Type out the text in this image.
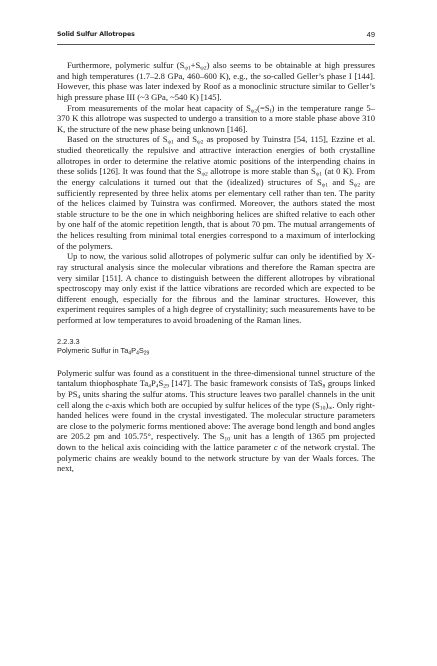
Solid Sulfur Allotropes	49

Furthermore, polymeric sulfur $(S_{\psi 1}+S_{\psi 2})$ also seems to be obtainable at high pressures and high temperatures (1.7–2.8 GPa, 460–600 K), e.g., the so-called Geller’s phase I [144]. However, this phase was later indexed by Roof as a monoclinic structure similar to Geller’s high pressure phase III (~3 GPa, ~540 K) [145].

From measurements of the molar heat capacity of $S_{\psi 2}(=S_f)$ in the temperature range 5–370 K this allotrope was suspected to undergo a transition to a more stable phase above 310 K, the structure of the new phase being unknown [146].

Based on the structures of $S_{\psi 1}$ and $S_{\psi 2}$ as proposed by Tuinstra [54, 115], Ezzine et al. studied theoretically the repulsive and attractive interaction energies of both crystalline allotropes in order to determine the relative atomic positions of the interpending chains in these solids [126]. It was found that the $S_{\psi 2}$ allotrope is more stable than $S_{\psi 1}$ (at 0 K). From the energy calculations it turned out that the (idealized) structures of $S_{\psi 1}$ and $S_{\psi 2}$ are sufficiently represented by three helix atoms per elementary cell rather than ten. The parity of the helices claimed by Tuinstra was confirmed. Moreover, the authors stated the most stable structure to be the one in which neighboring helices are shifted relative to each other by one half of the atomic repetition length, that is about 70 pm. The mutual arrangements of the helices resulting from minimal total energies correspond to a maximum of interlocking of the polymers.

Up to now, the various solid allotropes of polymeric sulfur can only be identified by X-ray structural analysis since the molecular vibrations and therefore the Raman spectra are very similar [151]. A chance to distinguish between the different allotropes by vibrational spectroscopy may only exist if the lattice vibrations are recorded which are expected to be different enough, especially for the fibrous and the laminar structures. However, this experiment requires samples of a high degree of crystallinity; such measurements have to be performed at low temperatures to avoid broadening of the Raman lines.

2.2.3.3
Polymeric Sulfur in $Ta_4P_4S_{29}$

Polymeric sulfur was found as a constituent in the three-dimensional tunnel structure of the tantalum thiophosphate $Ta_4P_4S_{29}$ [147]. The basic framework consists of TaS$_8$ groups linked by $PS_4$ units sharing the sulfur atoms. This structure leaves two parallel channels in the unit cell along the c-axis which both are occupied by sulfur helices of the type $(S_{10})_\infty$. Only right-handed helices were found in the crystal investigated. The molecular structure parameters are close to the polymeric forms mentioned above: The average bond length and bond angles are 205.2 pm and 105.75°, respectively. The $S_{10}$ unit has a length of 1365 pm projected down to the helical axis coinciding with the lattice parameter c of the network crystal. The polymeric chains are weakly bound to the network structure by van der Waals forces. The next,
